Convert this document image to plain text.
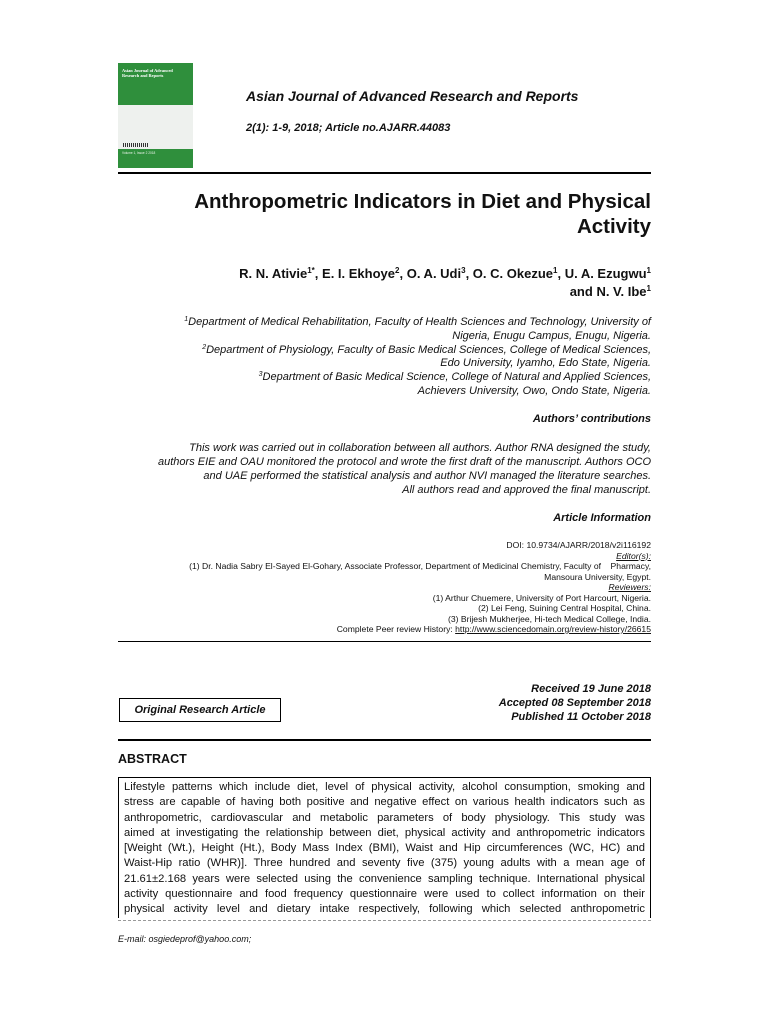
Asian Journal of Advanced Research and Reports
Volume 1, Issue 2 2018
Asian Journal of Advanced Research and Reports
2(1): 1-9, 2018; Article no.AJARR.44083
Anthropometric Indicators in Diet and Physical
Activity
R. N. Ativie$^{1*}$, E. I. Ekhoye$^2$, O. A. Udi$^3$, O. C. Okezue$^1$, U. A. Ezugwu$^1$
and N. V. Ibe$^1$
$^1$Department of Medical Rehabilitation, Faculty of Health Sciences and Technology, University of
Nigeria, Enugu Campus, Enugu, Nigeria.
$^2$Department of Physiology, Faculty of Basic Medical Sciences, College of Medical Sciences,
Edo University, Iyamho, Edo State, Nigeria.
$^3$Department of Basic Medical Science, College of Natural and Applied Sciences,
Achievers University, Owo, Ondo State, Nigeria.
Authors’ contributions
This work was carried out in collaboration between all authors. Author RNA designed the study,
authors EIE and OAU monitored the protocol and wrote the first draft of the manuscript. Authors OCO
and UAE performed the statistical analysis and author NVI managed the literature searches.
All authors read and approved the final manuscript.
Article Information
DOI: 10.9734/AJARR/2018/v2i116192
Editor(s):
(1) Dr. Nadia Sabry El-Sayed El-Gohary, Associate Professor, Department of Medicinal Chemistry, Faculty of    Pharmacy,
Mansoura University, Egypt.
Reviewers:
(1) Arthur Chuemere, University of Port Harcourt, Nigeria.
(2) Lei Feng, Suining Central Hospital, China.
(3) Brijesh Mukherjee, Hi-tech Medical College, India.
Complete Peer review History: http://www.sciencedomain.org/review-history/26615
Original Research Article
Received 19 June 2018
Accepted 08 September 2018
Published 11 October 2018
ABSTRACT
Lifestyle patterns which include diet, level of physical activity, alcohol consumption, smoking and
stress are capable of having both positive and negative effect on various health indicators such as
anthropometric, cardiovascular and metabolic parameters of body physiology. This study was
aimed at investigating the relationship between diet, physical activity and anthropometric indicators
[Weight (Wt.), Height (Ht.), Body Mass Index (BMI), Waist and Hip circumferences (WC, HC) and
Waist-Hip ratio (WHR)]. Three hundred and seventy five (375) young adults with a mean age of
21.61±2.168 years were selected using the convenience sampling technique. International physical
activity questionnaire and food frequency questionnaire were used to collect information on their
physical activity level and dietary intake respectively, following which selected anthropometric
E-mail: osgiedeprof@yahoo.com;
